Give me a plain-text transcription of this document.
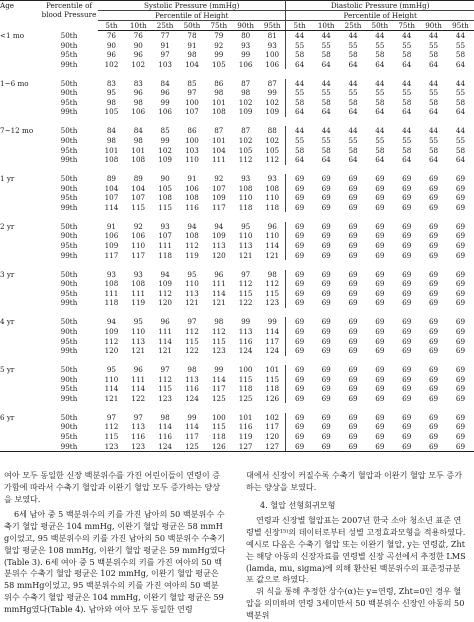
Age	Percentile of blood Pressure	Systolic Pressure (mmHg)							Diastolic Pressure (mmHg)						
		Percentile of Height							Percentile of Height						
		5th	10th	25th	50th	75th	90th	95th	5th	10th	25th	50th	75th	90th	95th
<1 mo	50th	76	76	77	78	79	80	81	44	44	44	44	44	44	44
	90th	90	90	91	91	92	93	93	55	55	55	55	55	55	55
	95th	96	96	97	98	99	99	100	58	58	58	58	58	58	58
	99th	102	102	103	104	105	106	106	64	64	64	64	64	64	64

1~6 mo	50th	83	83	84	85	86	87	87	44	44	44	44	44	44	44
	90th	95	96	96	97	98	98	99	55	55	55	55	55	55	55
	95th	98	98	99	100	101	102	102	58	58	58	58	58	58	58
	99th	105	106	106	107	108	109	109	64	64	64	64	64	64	64

7~12 mo	50th	84	84	85	86	87	87	88	44	44	44	44	44	44	44
	90th	98	98	99	100	101	102	102	55	55	55	55	55	55	55
	95th	101	101	102	103	104	105	105	58	58	58	58	58	58	58
	99th	108	108	109	110	111	112	112	64	64	64	64	64	64	64

1 yr	50th	89	89	90	91	92	93	93	69	69	69	69	69	69	69
	90th	104	104	105	106	107	108	108	69	69	69	69	69	69	69
	95th	107	107	108	108	109	110	110	69	69	69	69	69	69	69
	99th	114	115	115	116	117	118	118	69	69	69	69	69	69	69

2 yr	50th	91	92	93	94	94	95	96	69	69	69	69	69	69	69
	90th	106	106	107	108	109	110	110	69	69	69	69	69	69	69
	95th	109	110	111	112	113	113	114	69	69	69	69	69	69	69
	99th	117	117	118	119	120	121	121	69	69	69	69	69	69	69

3 yr	50th	93	93	94	95	96	97	98	69	69	69	69	69	69	69
	90th	108	108	109	110	111	112	112	69	69	69	69	69	69	69
	95th	111	111	112	113	114	115	115	69	69	69	69	69	69	69
	99th	118	119	120	121	121	122	123	69	69	69	69	69	69	69

4 yr	50th	94	95	96	97	98	99	99	69	69	69	69	69	69	69
	90th	109	110	111	112	112	113	114	69	69	69	69	69	69	69
	95th	112	113	114	115	115	116	117	69	69	69	69	69	69	69
	99th	120	121	121	122	123	124	124	69	69	69	69	69	69	69

5 yr	50th	95	96	97	98	99	100	101	69	69	69	69	69	69	69
	90th	110	111	112	113	114	115	115	69	69	69	69	69	69	69
	95th	114	114	115	116	117	118	118	69	69	69	69	69	69	69
	99th	121	122	123	124	125	125	126	69	69	69	69	69	69	69

6 yr	50th	97	97	98	99	100	101	102	69	69	69	69	69	69	69
	90th	112	113	114	114	115	116	117	69	69	69	69	69	69	69
	95th	115	116	116	117	118	119	120	69	69	69	69	69	69	69
	99th	123	123	124	125	126	127	127	69	69	69	69	69	69	69

여아 모두 동일한 신장 백분위수를 가진 어린이들이 연령이 증가함에 따라서 수축기 혈압과 이완기 혈압 모두 증가하는 양상을 보였다.

6세 남아 중 5 백분위수의 키를 가진 남아의 50 백분위수 수축기 혈압 평균은 104 mmHg, 이완기 혈압 평균은 58 mmHg이었고, 95 백분위수의 키를 가진 남아의 50 백분위수 수축기 혈압 평균은 108 mmHg, 이완기 혈압 평균은 59 mmHg였다(Table 3). 6세 여아 중 5 백분위수의 키를 가진 여아의 50 백분위수 수축기 혈압 평균은 102 mmHg, 이완기 혈압 평균은 58 mmHg이었고, 95 백분위수의 키를 가진 여아의 50 백분위수 수축기 혈압 평균은 104 mmHg, 이완기 혈압 평균은 59 mmHg였다(Table 4). 남아와 여아 모두 동일한 연령

대에서 신장이 커질수록 수축기 혈압과 이완기 혈압 모두 증가하는 양상을 보였다.

4. 혈압 선형회귀모형

연령과 신장별 혈압표는 2007년 한국 소아 청소년 표준 연령별 신장¹⁵⁾의 데이터로부터 성별 고정효과모형을 적용하였다. 예시로 다음은 수축기 혈압 또는 이완기 혈압, y는 연령값, Zht는 해당 아동의 신장자료를 연령별 신장 곡선에서 추정한 LMS (lamda, mu, sigma)에 의해 환산된 백분위수의 표준정규분포 값으로 하였다.

위 식을 통해 추정한 상수(α)는 y=연령, Zht=0인 경우 혈압을 의미하며 연령 3세미만서 50 백분위수 신장인 아동의 50 백분위
